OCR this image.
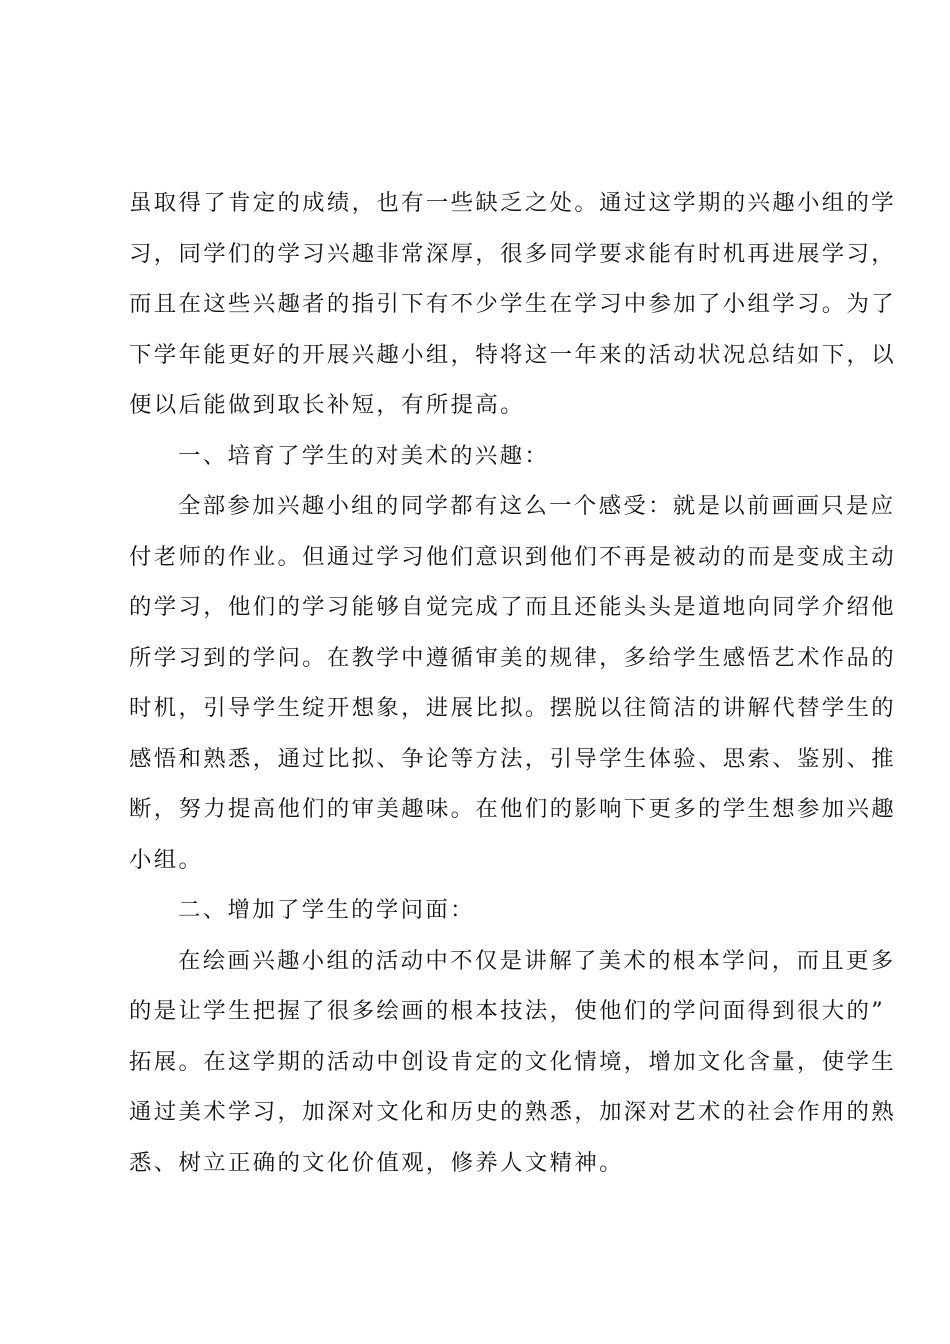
虽取得了肯定的成绩，也有一些缺乏之处。通过这学期的兴趣小组的学
习，同学们的学习兴趣非常深厚，很多同学要求能有时机再进展学习，
而且在这些兴趣者的指引下有不少学生在学习中参加了小组学习。为了
下学年能更好的开展兴趣小组，特将这一年来的活动状况总结如下，以
便以后能做到取长补短，有所提高。
一、培育了学生的对美术的兴趣：
全部参加兴趣小组的同学都有这么一个感受：就是以前画画只是应
付老师的作业。但通过学习他们意识到他们不再是被动的而是变成主动
的学习，他们的学习能够自觉完成了而且还能头头是道地向同学介绍他
所学习到的学问。在教学中遵循审美的规律，多给学生感悟艺术作品的
时机，引导学生绽开想象，进展比拟。摆脱以往简洁的讲解代替学生的
感悟和熟悉，通过比拟、争论等方法，引导学生体验、思索、鉴别、推
断，努力提高他们的审美趣味。在他们的影响下更多的学生想参加兴趣
小组。
二、增加了学生的学问面：
在绘画兴趣小组的活动中不仅是讲解了美术的根本学问，而且更多
的是让学生把握了很多绘画的根本技法，使他们的学问面得到很大的”
拓展。在这学期的活动中创设肯定的文化情境，增加文化含量，使学生
通过美术学习，加深对文化和历史的熟悉，加深对艺术的社会作用的熟
悉、树立正确的文化价值观，修养人文精神。
